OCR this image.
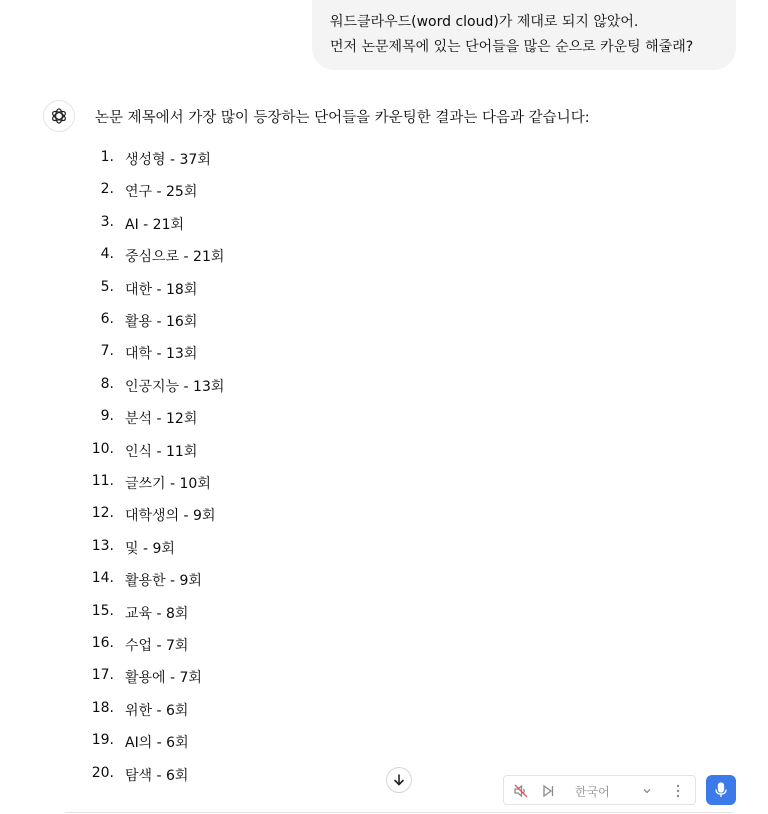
워드클라우드(word cloud)가 제대로 되지 않았어.
먼저 논문제목에 있는 단어들을 많은 순으로 카운팅 해줄래?
논문 제목에서 가장 많이 등장하는 단어들을 카운팅한 결과는 다음과 같습니다:
1. 생성형 - 37회
2. 연구 - 25회
3. AI - 21회
4. 중심으로 - 21회
5. 대한 - 18회
6. 활용 - 16회
7. 대학 - 13회
8. 인공지능 - 13회
9. 분석 - 12회
10. 인식 - 11회
11. 글쓰기 - 10회
12. 대학생의 - 9회
13. 및 - 9회
14. 활용한 - 9회
15. 교육 - 8회
16. 수업 - 7회
17. 활용에 - 7회
18. 위한 - 6회
19. AI의 - 6회
20. 탐색 - 6회
한국어
